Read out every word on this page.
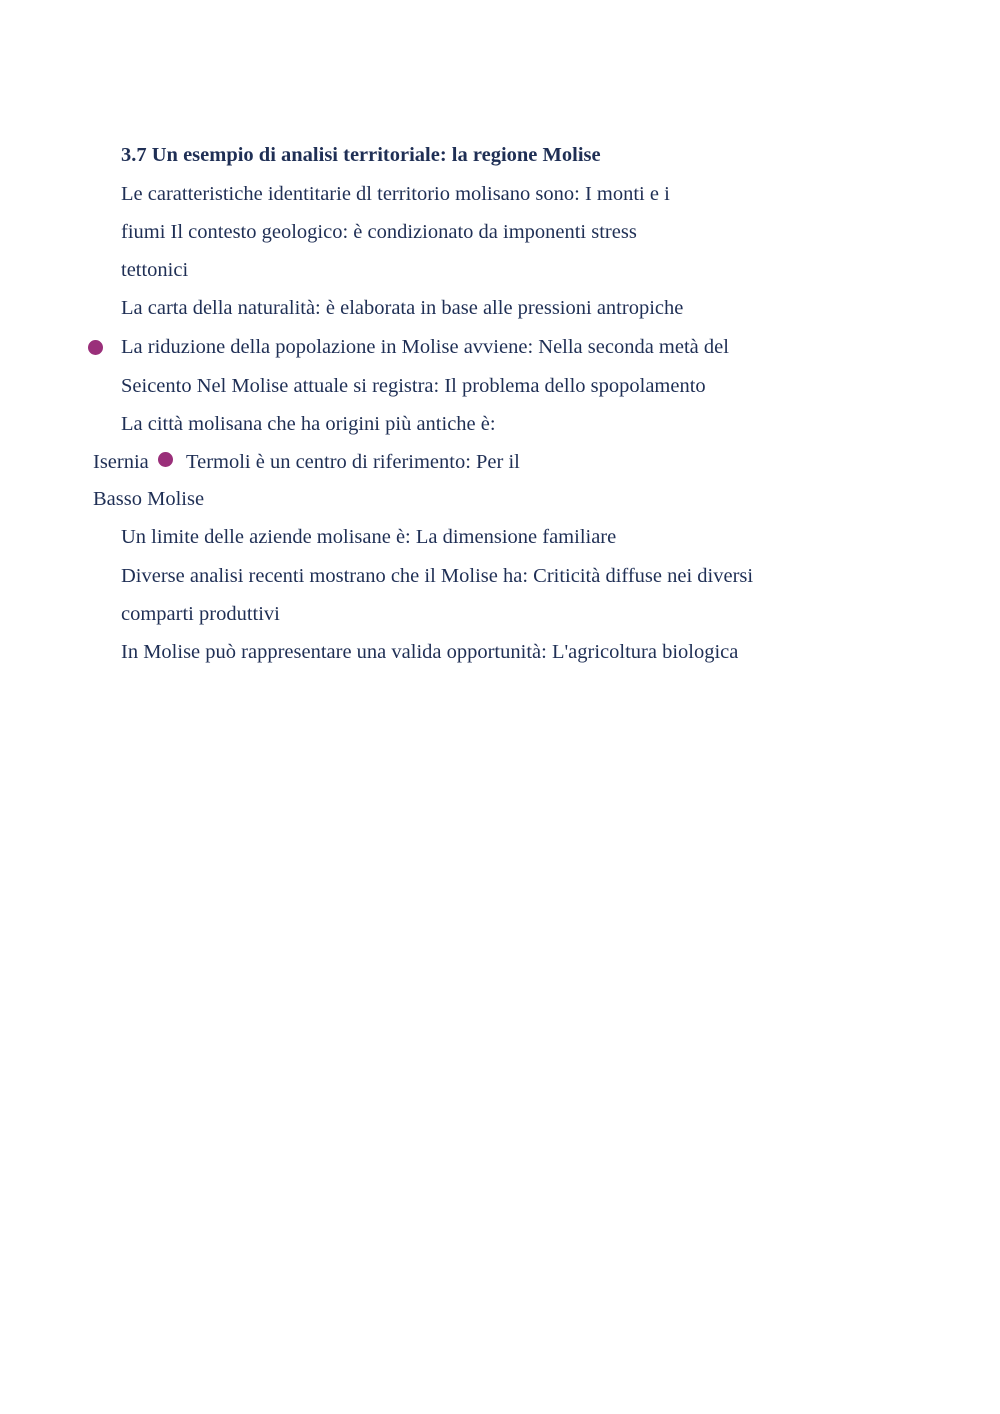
3.7 Un esempio di analisi territoriale: la regione Molise
Le caratteristiche identitarie dl territorio molisano sono: I monti e i
fiumi Il contesto geologico: è condizionato da imponenti stress
tettonici
La carta della naturalità: è elaborata in base alle pressioni antropiche
La riduzione della popolazione in Molise avviene: Nella seconda metà del
Seicento Nel Molise attuale si registra: Il problema dello spopolamento
La città molisana che ha origini più antiche è:
Isernia Termoli è un centro di riferimento: Per il
Basso Molise
Un limite delle aziende molisane è: La dimensione familiare
Diverse analisi recenti mostrano che il Molise ha: Criticità diffuse nei diversi
comparti produttivi
In Molise può rappresentare una valida opportunità: L'agricoltura biologica
